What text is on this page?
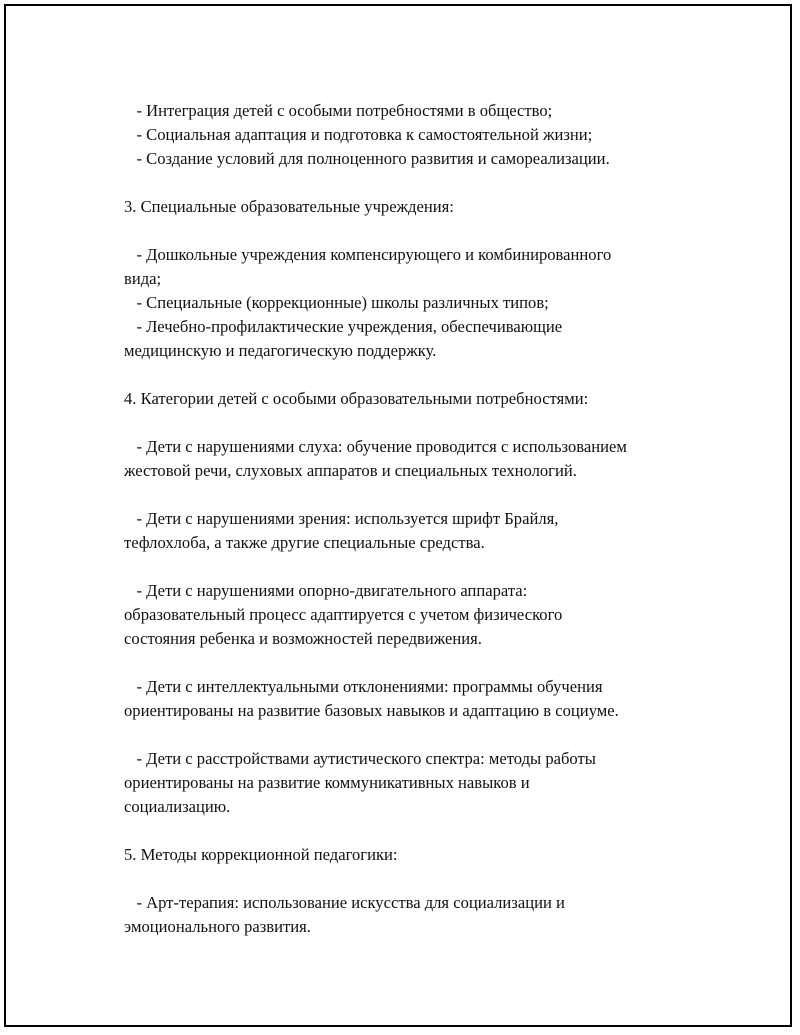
- Интеграция детей с особыми потребностями в общество;
- Социальная адаптация и подготовка к самостоятельной жизни;
- Создание условий для полноценного развития и самореализации.
3. Специальные образовательные учреждения:
- Дошкольные учреждения компенсирующего и комбинированного
вида;
- Специальные (коррекционные) школы различных типов;
- Лечебно-профилактические учреждения, обеспечивающие
медицинскую и педагогическую поддержку.
4. Категории детей с особыми образовательными потребностями:
- Дети с нарушениями слуха: обучение проводится с использованием
жестовой речи, слуховых аппаратов и специальных технологий.
- Дети с нарушениями зрения: используется шрифт Брайля,
тефлохлоба, а также другие специальные средства.
- Дети с нарушениями опорно-двигательного аппарата:
образовательный процесс адаптируется с учетом физического
состояния ребенка и возможностей передвижения.
- Дети с интеллектуальными отклонениями: программы обучения
ориентированы на развитие базовых навыков и адаптацию в социуме.
- Дети с расстройствами аутистического спектра: методы работы
ориентированы на развитие коммуникативных навыков и
социализацию.
5. Методы коррекционной педагогики:
- Арт-терапия: использование искусства для социализации и
эмоционального развития.
